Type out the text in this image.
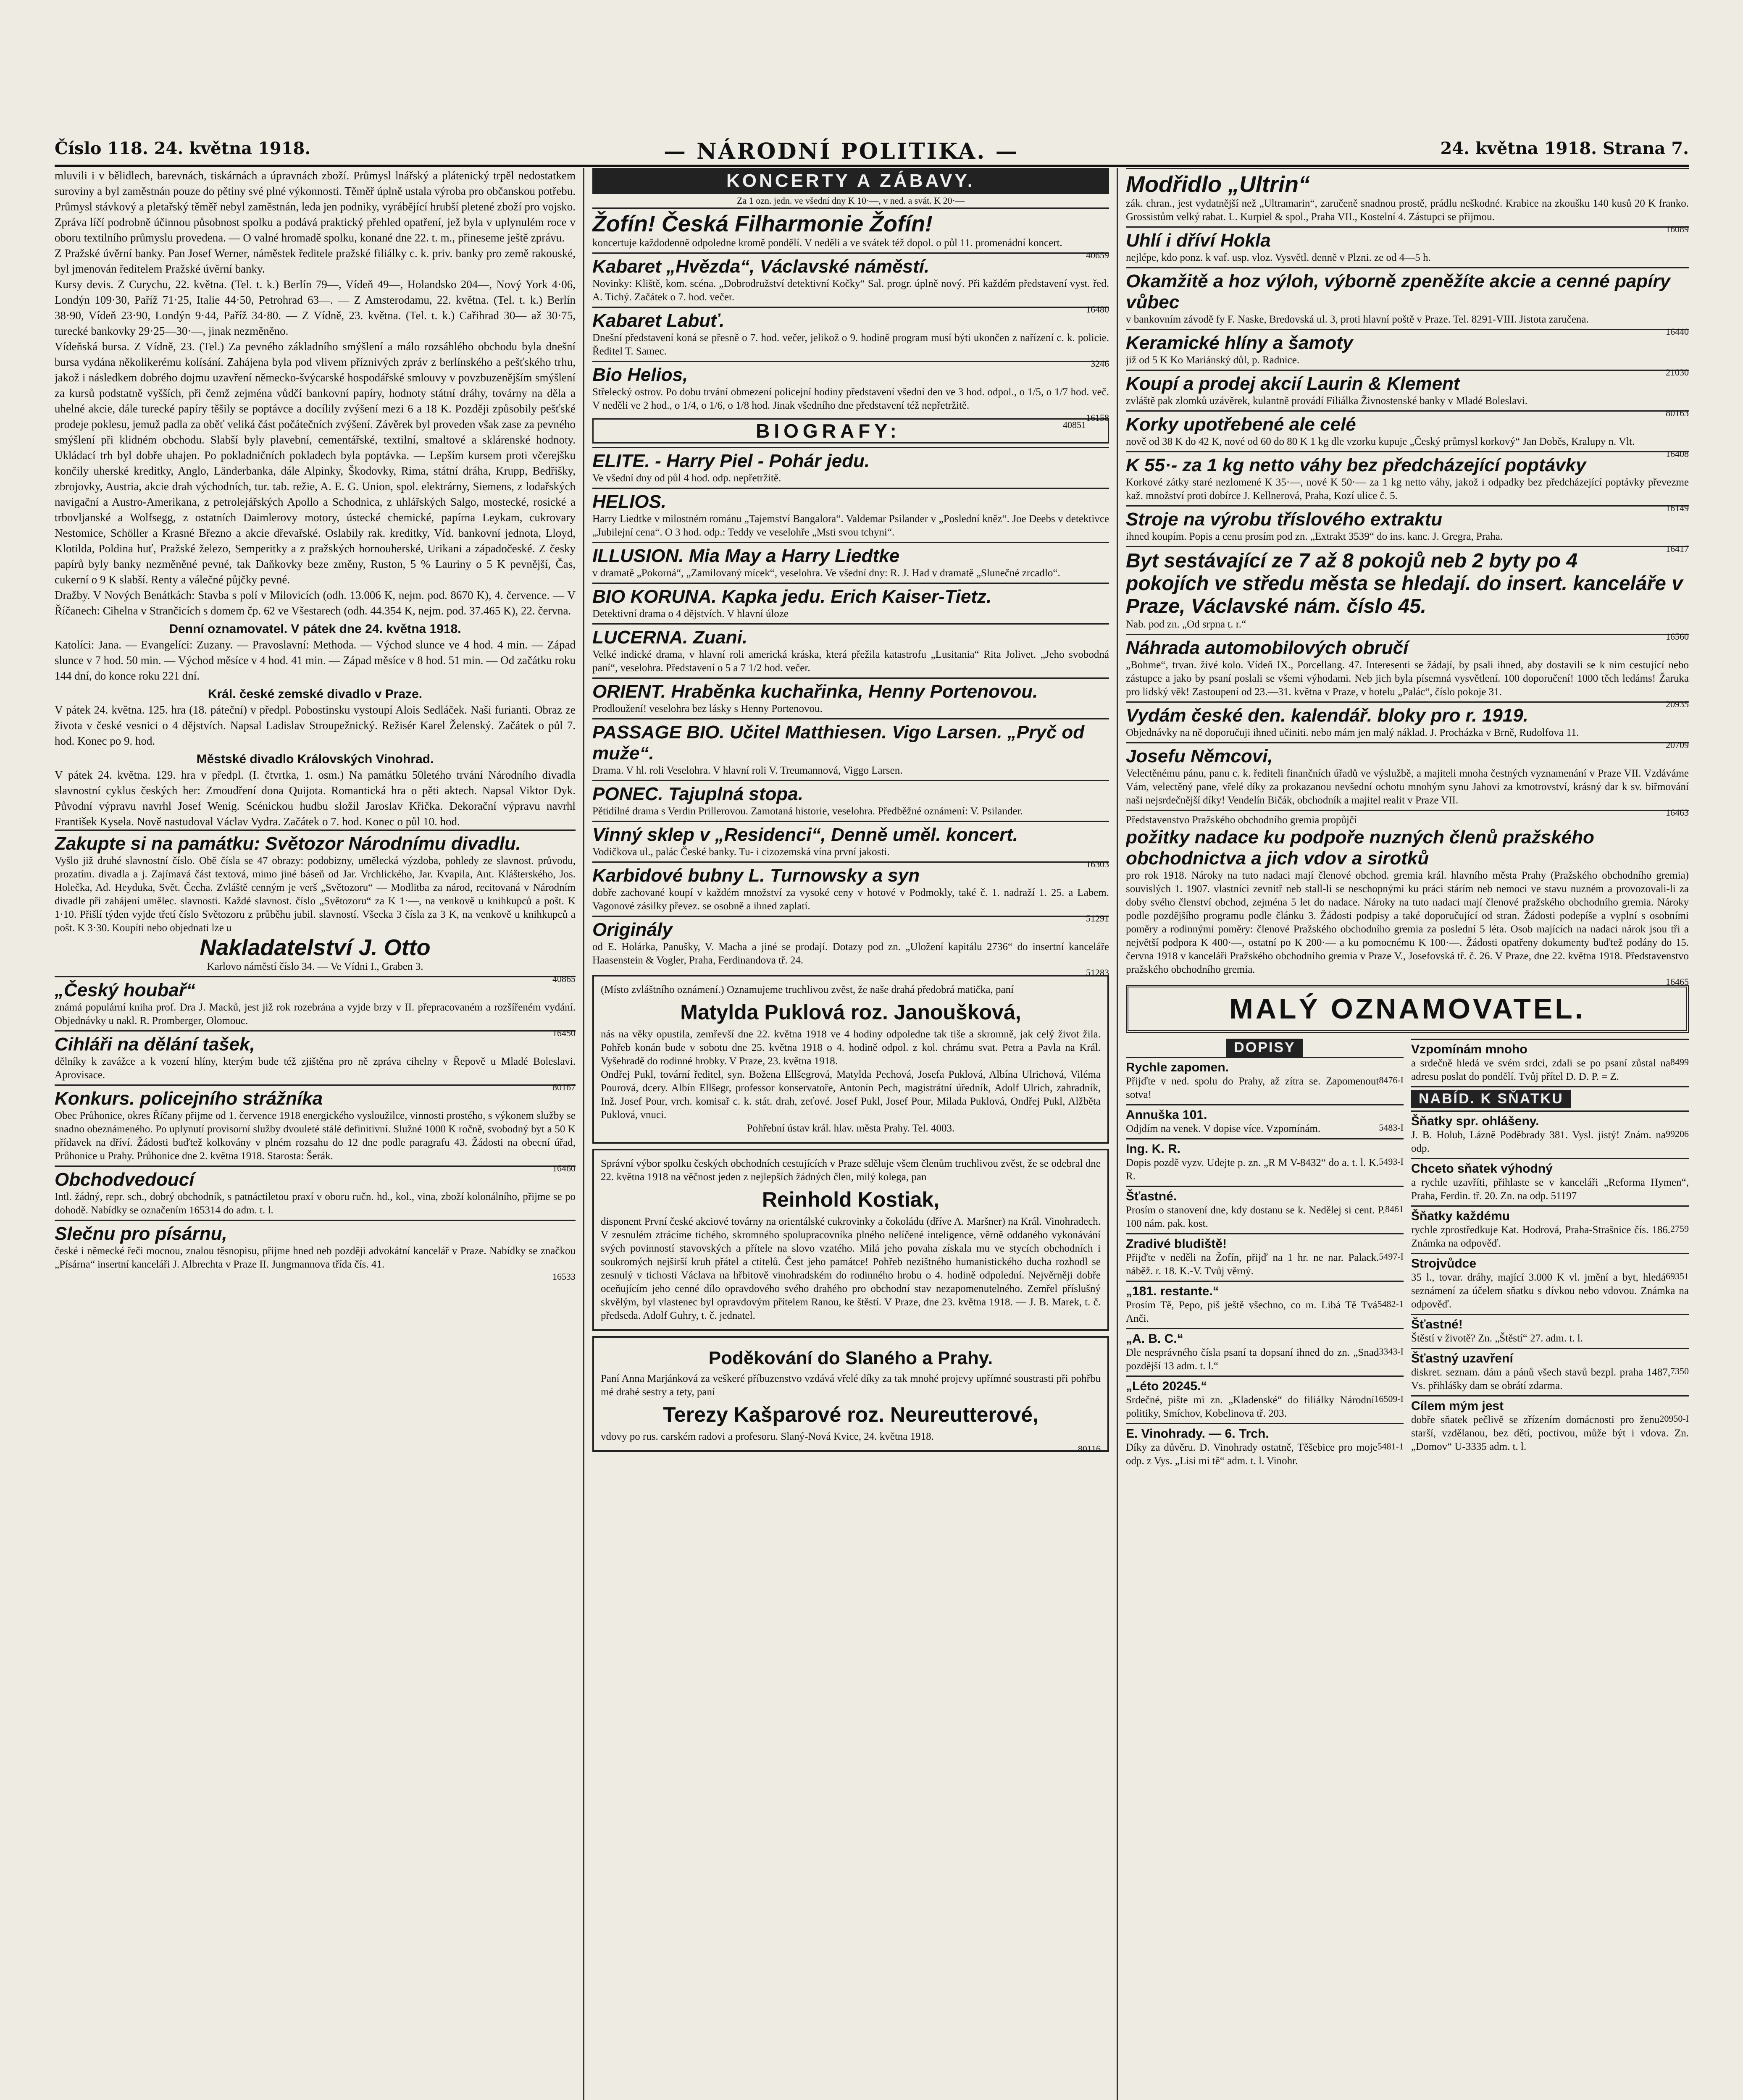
Číslo 118. 24. května 1918.	— NÁRODNÍ POLITIKA. —	24. května 1918. Strana 7.

mluvili i v bělidlech, barevnách, tiskárnách a úpravnách zboží. Průmysl lnářský a plátenický trpěl nedostatkem suroviny a byl zaměstnán pouze do pětiny své plné výkonnosti. Těměř úplně ustala výroba pro občanskou potřebu. Průmysl stávkový a pletařský těměř nebyl zaměstnán, leda jen podniky, vyrábějící hrubší pletené zboží pro vojsko. Zpráva líčí podrobně účinnou působnost spolku a podává praktický přehled opatření, jež byla v uplynulém roce v oboru textilního průmyslu provedena. — O valné hromadě spolku, konané dne 22. t. m., přineseme ještě zprávu.

Z Pražské úvěrní banky. Pan Josef Werner, náměstek ředitele pražské filiálky c. k. priv. banky pro země rakouské, byl jmenován ředitelem Pražské úvěrní banky.

Kursy devis. Z Curychu, 22. května. (Tel. t. k.) Berlín 79—, Vídeň 49—, Holandsko 204—, Nový York 4·06, Londýn 109·30, Paříž 71·25, Italie 44·50, Petrohrad 63—. — Z Amsterodamu, 22. května. (Tel. t. k.) Berlín 38·90, Vídeň 23·90, Londýn 9·44, Paříž 34·80. — Z Vídně, 23. května. (Tel. t. k.) Cařihrad 30— až 30·75, turecké bankovky 29·25—30·—, jinak nezměněno.

Vídeňská bursa. Z Vídně, 23. (Tel.) Za pevného základního smýšlení a málo rozsáhlého obchodu byla dnešní bursa vydána několikerému kolísání. Zahájena byla pod vlivem příznivých zpráv z berlínského a pešťského trhu, jakož i následkem dobrého dojmu uzavření německo-švýcarské hospodářské smlouvy v povzbuzenějším smýšlení za kursů podstatně vyšších, při čemž zejména vůdčí bankovní papíry, hodnoty státní dráhy, továrny na děla a uhelné akcie, dále turecké papíry těšily se poptávce a docílily zvýšení mezi 6 a 18 K. Později způsobily pešťské prodeje poklesu, jemuž padla za oběť veliká část počátečních zvýšení. Závěrek byl proveden však zase za pevného smýšlení při klidném obchodu. Slabší byly plavební, cementářské, textilní, smaltové a sklárenské hodnoty. Ukládací trh byl dobře uhajen. Po pokladničních pokladech byla poptávka. — Lepším kursem proti včerejšku končily uherské kreditky, Anglo, Länderbanka, dále Alpinky, Škodovky, Rima, státní dráha, Krupp, Bedřišky, zbrojovky, Austria, akcie drah východních, tur. tab. režie, A. E. G. Union, spol. elektrárny, Siemens, z lodařských navigační a Austro-Amerikana, z petrolejářských Apollo a Schodnica, z uhlářských Salgo, mostecké, rosické a trbovljanské a Wolfsegg, z ostatních Daimlerovy motory, ústecké chemické, papírna Leykam, cukrovary Nestomice, Schöller a Krasné Březno a akcie dřevařské. Oslabily rak. kreditky, Víd. bankovní jednota, Lloyd, Klotilda, Poldina huť, Pražské železo, Semperitky a z pražských hornouherské, Urikani a západočeské. Z česky papírů byly banky nezměněné pevné, tak Daňkovky beze změny, Ruston, 5 % Lauriny o 5 K pevnější, Čas, cukerní o 9 K slabší. Renty a válečné půjčky pevné.

Dražby. V Nových Benátkách: Stavba s polí v Milovicích (odh. 13.006 K, nejm. pod. 8670 K), 4. července. — V Říčanech: Cihelna v Strančicích s domem čp. 62 ve Všestarech (odh. 44.354 K, nejm. pod. 37.465 K), 22. června.

Denní oznamovatel. V pátek dne 24. května 1918.

Katolíci: Jana. — Evangelíci: Zuzany. — Pravoslavní: Methoda. — Východ slunce ve 4 hod. 4 min. — Západ slunce v 7 hod. 50 min. — Východ měsíce v 4 hod. 41 min. — Západ měsíce v 8 hod. 51 min. — Od začátku roku 144 dní, do konce roku 221 dní.

Král. české zemské divadlo v Praze.

V pátek 24. května. 125. hra (18. páteční) v předpl. Pobostinsku vystoupí Alois Sedláček. Naši furianti. Obraz ze života v české vesnici o 4 dějstvích. Napsal Ladislav Stroupežnický. Režisér Karel Želenský. Začátek o půl 7. hod. Konec po 9. hod.

Městské divadlo Královských Vinohrad.

V pátek 24. května. 129. hra v předpl. (I. čtvrtka, 1. osm.) Na památku 50letého trvání Národního divadla slavnostní cyklus českých her: Zmoudření dona Quijota. Romantická hra o pěti aktech. Napsal Viktor Dyk. Původní výpravu navrhl Josef Wenig. Scénickou hudbu složil Jaroslav Křička. Dekorační výpravu navrhl František Kysela. Nově nastudoval Václav Vydra. Začátek o 7. hod. Konec o půl 10. hod.

Zakupte si na památku: Světozor Národnímu divadlu.

Vyšlo již druhé slavnostní číslo. Obě čísla se 47 obrazy: podobizny, umělecká výzdoba, pohledy ze slavnost. průvodu, prozatím. divadla a j. Zajímavá část textová, mimo jiné báseň od Jar. Vrchlického, Jar. Kvapila, Ant. Klášterského, Jos. Holečka, Ad. Heyduka, Svět. Čecha. Zvláště cenným je verš „Světozoru“ — Modlitba za národ, recitovaná v Národním divadle při zahájení umělec. slavnosti. Každé slavnost. číslo „Světozoru“ za K 1·—, na venkově u knihkupců a pošt. K 1·10. Přišlí týden vyjde třetí číslo Světozoru z průběhu jubil. slavností. Všecka 3 čísla za 3 K, na venkově u knihkupců a pošt. K 3·30. Koupíti nebo objednati lze u

Nakladatelství J. Otto

Karlovo náměstí číslo 34. — Ve Vídni I., Graben 3.

40865
„Český houbař“

známá populární kniha prof. Dra J. Macků, jest již rok rozebrána a vyjde brzy v II. přepracovaném a rozšířeném vydání. Objednávky u nakl. R. Promberger, Olomouc.

16450
Cihláři na dělání tašek,

dělníky k zavážce a k vození hlíny, kterým bude též zjištěna pro ně zpráva cihelny v Řepově u Mladé Boleslavi. Aprovisace.

80167
Konkurs. policejního strážníka

Obec Průhonice, okres Říčany přijme od 1. července 1918 energického vysloužilce, vinnosti prostého, s výkonem služby se snadno obeznámeného. Po uplynutí provisorní služby dvouleté stálé definitivní. Služné 1000 K ročně, svobodný byt a 50 K přídavek na dříví. Žádosti buďtež kolkovány v plném rozsahu do 12 dne podle paragrafu 43. Žádosti na obecní úřad, Průhonice u Prahy. Průhonice dne 2. května 1918. Starosta: Šerák.

16460
Obchodvedoucí

Intl. žádný, repr. sch., dobrý obchodník, s patnáctiletou praxí v oboru ručn. hd., kol., vina, zboží kolonálního, přijme se po dohodě. Nabídky se označením 165314 do adm. t. l.

Slečnu pro písárnu,

české i německé řeči mocnou, znalou těsnopisu, přijme hned neb později advokátní kancelář v Praze. Nabídky se značkou „Písárna“ insertní kanceláři J. Albrechta v Praze II. Jungmannova třída čís. 41.

16533
KONCERTY A ZÁBAVY.

Za 1 ozn. jedn. ve všední dny K 10·—, v ned. a svát. K 20·—

Žofín! Česká Filharmonie Žofín!

koncertuje každodenně odpoledne kromě pondělí. V neděli a ve svátek též dopol. o půl 11. promenádní koncert.

40659
Kabaret „Hvězda“, Václavské náměstí.

Novinky: Kliště, kom. scéna. „Dobrodružství detektivní Kočky“ Sal. progr. úplně nový. Při každém představení vyst. řed. A. Tichý. Začátek o 7. hod. večer.

16480
Kabaret Labuť.

Dnešní představení koná se přesně o 7. hod. večer, jelikož o 9. hodině program musí býti ukončen z nařízení c. k. policie. Ředitel T. Samec.

3246
Bio Helios,

Střelecký ostrov. Po dobu trvání obmezení policejní hodiny představení všední den ve 3 hod. odpol., o 1/5, o 1/7 hod. več. V neděli ve 2 hod., o 1/4, o 1/6, o 1/8 hod. Jinak všedního dne představení též nepřetržitě.

16158
BIOGRAFY:	40851
ELITE. - Harry Piel - Pohár jedu.

Ve všední dny od půl 4 hod. odp. nepřetržitě.

HELIOS.

Harry Liedtke v milostném románu „Tajemství Bangalora“. Valdemar Psilander v „Poslední kněz“. Joe Deebs v detektivce „Jubilejní cena“. O 3 hod. odp.: Teddy ve veselohře „Msti svou tchyni“.

ILLUSION. Mia May a Harry Liedtke

v dramatě „Pokorná“, „Zamilovaný mícek“, veselohra. Ve všední dny: R. J. Had v dramatě „Slunečné zrcadlo“.

BIO KORUNA. Kapka jedu. Erich Kaiser-Tietz.

Detektivní drama o 4 dějstvích. V hlavní úloze

LUCERNA. Zuani.

Velké indické drama, v hlavní roli americká kráska, která přežila katastrofu „Lusitania“ Rita Jolivet. „Jeho svobodná paní“, veselohra. Představení o 5 a 7 1/2 hod. večer.

ORIENT. Hraběnka kuchařinka, Henny Portenovou.

Prodloužení! veselohra bez lásky s Henny Portenovou.

PASSAGE BIO. Učitel Matthiesen. Vigo Larsen. „Pryč od muže“.

Drama. V hl. roli Veselohra. V hlavní roli V. Treumannová, Viggo Larsen.

PONEC. Tajuplná stopa.

Pětidílné drama s Verdin Prillerovou. Zamotaná historie, veselohra. Předběžné oznámení: V. Psilander.

Vinný sklep v „Residenci“, Denně uměl. koncert.

Vodičkova ul., palác České banky. Tu- i cizozemská vína první jakosti.

16303
Karbidové bubny L. Turnowsky a syn

dobře zachované koupí v každém množství za vysoké ceny v hotové v Podmokly, také č. 1. nadraží 1. 25. a Labem. Vagonové zásilky převez. se osobně a ihned zaplatí.

51291
Originály

od E. Holárka, Panušky, V. Macha a jiné se prodají. Dotazy pod zn. „Uložení kapitálu 2736“ do insertní kanceláře Haasenstein & Vogler, Praha, Ferdinandova tř. 24.

51283

(Místo zvláštního oznámení.) Oznamujeme truchlivou zvěst, že naše drahá předobrá matička, paní

Matylda Puklová roz. Janoušková,

nás na věky opustila, zemřevší dne 22. května 1918 ve 4 hodiny odpoledne tak tiše a skromně, jak celý život žila. Pohřeb konán bude v sobotu dne 25. května 1918 o 4. hodině odpol. z kol. chrámu svat. Petra a Pavla na Král. Vyšehradě do rodinné hrobky. V Praze, 23. května 1918.

Ondřej Pukl, tovární ředitel, syn. Božena Ellšegrová, Matylda Pechová, Josefa Puklová, Albína Ulrichová, Viléma Pourová, dcery. Albín Ellšegr, professor konservatoře, Antonín Pech, magistrátní úředník, Adolf Ulrich, zahradník, Inž. Josef Pour, vrch. komisař c. k. stát. drah, zeťové. Josef Pukl, Josef Pour, Milada Puklová, Ondřej Pukl, Alžběta Puklová, vnuci.

Pohřební ústav král. hlav. města Prahy. Tel. 4003.

Správní výbor spolku českých obchodních cestujících v Praze sděluje všem členům truchlivou zvěst, že se odebral dne 22. května 1918 na věčnost jeden z nejlepších žádných člen, milý kolega, pan

Reinhold Kostiak,

disponent První české akciové továrny na orientálské cukrovinky a čokoládu (dříve A. Maršner) na Král. Vinohradech. V zesnulém ztrácíme tichého, skromného spolupracovníka plného nelíčené inteligence, věrně oddaného vykonávání svých povinností stavovských a přítele na slovo vzatého. Milá jeho povaha získala mu ve stycích obchodních i soukromých nejširší kruh přátel a ctitelů. Čest jeho památce! Pohřeb nezištného humanistického ducha rozhodl se zesnulý v tichosti Václava na hřbitově vinohradském do rodinného hrobu o 4. hodině odpolední. Nejvěrněji dobře oceňujícím jeho cenné dílo opravdového svého drahého pro obchodní stav nezapomenutelného. Zemřel příslušný skvělým, byl vlastenec byl opravdovým přítelem Ranou, ke štěstí. V Praze, dne 23. května 1918. — J. B. Marek, t. č. předseda. Adolf Guhry, t. č. jednatel.

Poděkování do Slaného a Prahy.

Paní Anna Marjánková za veškeré příbuzenstvo vzdává vřelé díky za tak mnohé projevy upřímné soustrasti při pohřbu mé drahé sestry a tety, paní

Terezy Kašparové roz. Neureutterové,

vdovy po rus. carském radovi a profesoru. Slaný-Nová Kvice, 24. května 1918.

80116
Modřidlo „Ultrin“

zák. chran., jest vydatnější než „Ultramarin“, zaručeně snadnou prostě, prádlu neškodné. Krabice na zkoušku 140 kusů 20 K franko. Grossistům velký rabat. L. Kurpiel & spol., Praha VII., Kostelní 4. Zástupci se přijmou.

16089
Uhlí i dříví Hokla

nejlépe, kdo ponz. k vaf. usp. vloz. Vysvětl. denně v Plzni. ze od 4—5 h.

Okamžitě a hoz výloh, výborně zpeněžíte akcie a cenné papíry vůbec

v bankovním závodě fy F. Naske, Bredovská ul. 3, proti hlavní poště v Praze. Tel. 8291-VIII. Jistota zaručena.

16440
Keramické hlíny a šamoty

již od 5 K Ko Mariánský důl, p. Radnice.

21030
Koupí a prodej akcií Laurin & Klement

zvláště pak zlomků uzávěrek, kulantně provádí Filiálka Živnostenské banky v Mladé Boleslavi.

80163
Korky upotřebené ale celé

nově od 38 K do 42 K, nové od 60 do 80 K 1 kg dle vzorku kupuje „Český průmysl korkový“ Jan Doběs, Kralupy n. Vlt.

16408
K 55·- za 1 kg netto váhy bez předcházející poptávky

Korkové zátky staré nezlomené K 35·—, nové K 50·— za 1 kg netto váhy, jakož i odpadky bez předcházející poptávky převezme kaž. množství proti dobírce J. Kellnerová, Praha, Kozí ulice č. 5.

16149
Stroje na výrobu tříslového extraktu

ihned koupím. Popis a cenu prosím pod zn. „Extrakt 3539“ do ins. kanc. J. Gregra, Praha.

16417
Byt sestávající ze 7 až 8 pokojů neb 2 byty po 4 pokojích ve středu města se hledají. do insert. kanceláře v Praze, Václavské nám. číslo 45.

Nab. pod zn. „Od srpna t. r.“

16560
Náhrada automobilových obručí

„Bohme“, trvan. živé kolo. Vídeň IX., Porcellang. 47. Interesenti se žádají, by psali ihned, aby dostavili se k nim cestující nebo zástupce a jako by psaní poslali se všemi výhodami. Neb jich byla písemná vysvětlení. 100 doporučení! 1000 těch ledáms! Žaruka pro lidský věk! Zastoupení od 23.—31. května v Praze, v hotelu „Palác“, číslo pokoje 31.

20935
Vydám české den. kalendář. bloky pro r. 1919.

Objednávky na ně doporučuji ihned učiniti. nebo mám jen malý náklad. J. Procházka v Brně, Rudolfova 11.

20709
Josefu Němcovi,

Velectěnému pánu, panu c. k. řediteli finančních úřadů ve výslužbě, a majiteli mnoha čestných vyznamenání v Praze VII. Vzdáváme Vám, velectěný pane, vřelé díky za prokazanou nevšední ochotu mnohým synu Jahovi za kmotrovství, krásný dar k sv. biřmování naši nejsrdečnější díky! Vendelín Bičák, obchodník a majitel realit v Praze VII.

16463

Představenstvo Pražského obchodního gremia propůjčí

požitky nadace ku podpoře nuzných členů pražského obchodnictva a jich vdov a sirotků

pro rok 1918. Nároky na tuto nadaci mají členové obchod. gremia král. hlavního města Prahy (Pražského obchodního gremia) souvislých 1. 1907. vlastníci zevnitř neb stall-li se neschopnými ku práci stárím neb nemoci ve stavu nuzném a provozovali-li za doby svého členství obchod, zejména 5 let do nadace. Nároky na tuto nadaci mají členové pražského obchodního gremia. Nároky podle pozdějšího programu podle článku 3. Žádosti podpisy a také doporučující od stran. Žádosti podepíše a vyplní s osobními poměry a rodinnými poměry: členové Pražského obchodního gremia za poslední 5 léta. Osob majících na nadaci nárok jsou tři a největší podpora K 400·—, ostatní po K 200·— a ku pomocnému K 100·—. Žádosti opatřeny dokumenty buďtež podány do 15. června 1918 v kanceláři Pražského obchodního gremia v Praze V., Josefovská tř. č. 26. V Praze, dne 22. května 1918. Představenstvo pražského obchodního gremia.

16465
MALÝ OZNAMOVATEL.
DOPISY
Rychle zapomen.
8476-I

Přijďte v ned. spolu do Prahy, až zítra se. Zapomenout sotva!

Annuška 101.
5483-I

Odjdím na venek. V dopise více. Vzpomínám.

Ing. K. R.
5493-I

Dopis pozdě vyzv. Udejte p. zn. „R M V-8432“ do a. t. l. K. R.

Šťastné.
8461

Prosím o stanovení dne, kdy dostanu se k. Nedělej si cent. P. 100 nám. pak. kost.

Zradivé bludiště!
5497-I

Přijďte v neděli na Žofín, přijď na 1 hr. ne nar. Palack. náběž. r. 18. K.-V. Tvůj věrný.

„181. restante.“
5482-1

Prosím Tě, Pepo, piš ještě všechno, co m. Libá Tě Tvá Anči.

„A. B. C.“
3343-I

Dle nesprávného čísla psaní ta dopsaní ihned do zn. „Snad pozdější 13 adm. t. l.“

„Léto 20245.“
16509-I

Srdečné, pište mi zn. „Kladenské“ do filiálky Národní politiky, Smíchov, Kobelinova tř. 203.

E. Vinohrady. — 6. Trch.
5481-1

Díky za důvěru. D. Vinohrady ostatně, Těšebice pro moje odp. z Vys. „Lisi mi tě“ adm. t. l. Vinohr.

Vzpomínám mnoho
8499

a srdečně hledá ve svém srdci, zdali se po psaní zůstal na adresu poslat do pondělí. Tvůj přítel D. D. P. = Z.

NABÍD. K SŇATKU
Šňatky spr. ohlášeny.
99206

J. B. Holub, Lázně Poděbrady 381. Vysl. jistý! Znám. na odp.

Chceto sňatek výhodný

a rychle uzavříti, přihlaste se v kanceláři „Reforma Hymen“, Praha, Ferdin. tř. 20. Zn. na odp. 51197

Šňatky každému
2759

rychle zprostředkuje Kat. Hodrová, Praha-Strašnice čís. 186. Známka na odpověď.

Strojvůdce
69351

35 l., tovar. dráhy, mající 3.000 K vl. jmění a byt, hledá seznámení za účelem sňatku s dívkou nebo vdovou. Známka na odpověď.

Šťastné!

Štěstí v životě? Zn. „Štěstí“ 27. adm. t. l.

Šťastný uzavření
7350

diskret. seznam. dám a pánů všech stavů bezpl. praha 1487, Vs. přihlášky dam se obrátí zdarma.

Cílem mým jest
20950-I

dobře sňatek pečlivě se zřízením domácnosti pro ženu starší, vzdělanou, bez dětí, poctivou, může být i vdova. Zn. „Domov“ U-3335 adm. t. l.
